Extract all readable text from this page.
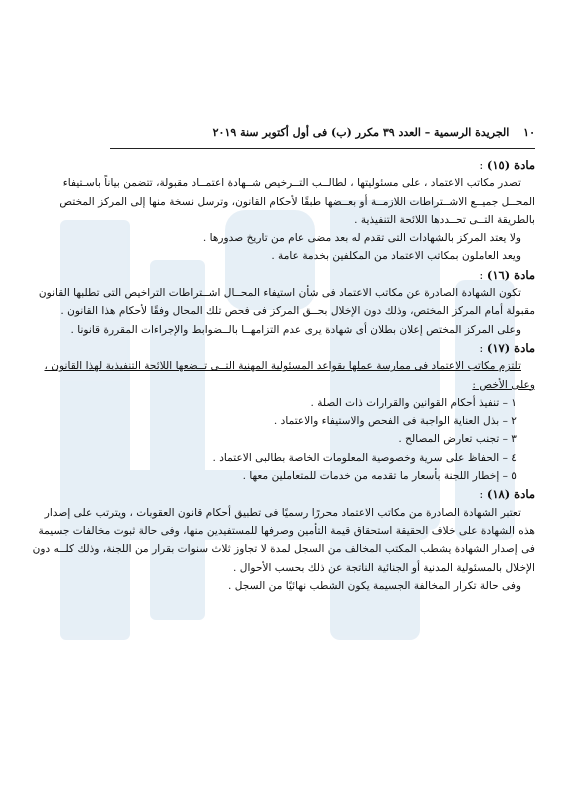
١٠ الجريدة الرسمية – العدد ٣٩ مكرر (ب) فى أول أكتوبر سنة ٢٠١٩
مادة (١٥) :

تصدر مكاتب الاعتماد ، على مسئوليتها ، لطالــب التــرخيص شــهادة اعتمــاد مقبولة، تتضمن بياناً باسـتيفاء المحــل جميــع الاشــتراطات اللازمــة أو بعــضها طبقًا لأحكام القانون، وترسل نسخة منها إلى المركز المختص بالطريقة التــى تحــددها اللائحة التنفيذية .

ولا يعتد المركز بالشهادات التى تقدم له بعد مضى عام من تاريخ صدورها .

ويعد العاملون بمكاتب الاعتماد من المكلفين بخدمة عامة .

مادة (١٦) :

تكون الشهادة الصادرة عن مكاتب الاعتماد فى شأن استيفاء المحــال اشــتراطات التراخيص التى تطلبها القانون مقبولة أمام المركز المختص، وذلك دون الإخلال بحــق المركز فى فحص تلك المحال وفقًا لأحكام هذا القانون .

وعلى المركز المختص إعلان بطلان أى شهادة يرى عدم التزامهــا بالــضوابط والإجراءات المقررة قانونا .

مادة (١٧) :

تلتزم مكاتب الاعتماد فى ممارسة عملها بقواعد المسئولية المهنية التــى تــضعها اللائحة التنفيذية لهذا القانون ، وعلى الأخص :

١ – تنفيذ أحكام القوانين والقرارات ذات الصلة .
٢ – بذل العناية الواجبة فى الفحص والاستيفاء والاعتماد .
٣ – تجنب تعارض المصالح .
٤ – الحفاظ على سرية وخصوصية المعلومات الخاصة بطالبى الاعتماد .
٥ – إخطار اللجنة بأسعار ما تقدمه من خدمات للمتعاملين معها .
مادة (١٨) :

تعتبر الشهادة الصادرة من مكاتب الاعتماد محررًا رسميًا فى تطبيق أحكام قانون العقوبات ، ويترتب على إصدار هذه الشهادة على خلاف الحقيقة استحقاق قيمة التأمين وصرفها للمستفيدين منها، وفى حالة ثبوت مخالفات جسيمة فى إصدار الشهادة يشطب المكتب المخالف من السجل لمدة لا تجاوز ثلاث سنوات بقرار من اللجنة، وذلك كلــه دون الإخلال بالمسئولية المدنية أو الجنائية الناتجة عن ذلك بحسب الأحوال .

وفى حالة تكرار المخالفة الجسيمة يكون الشطب نهائيًا من السجل .
